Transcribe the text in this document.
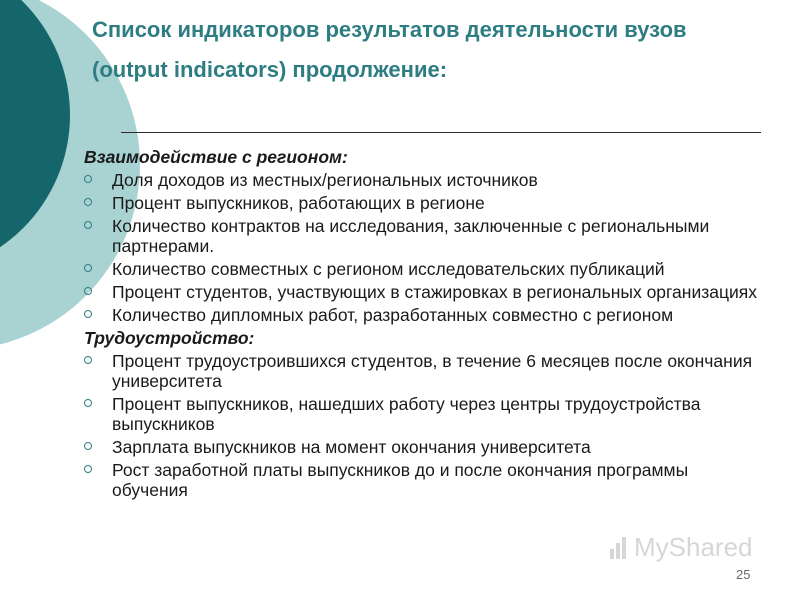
Список индикаторов результатов деятельности вузов
(output indicators) продолжение:
Взаимодействие с регионом:
Доля доходов из местных/региональных источников
Процент выпускников, работающих в регионе
Количество контрактов на исследования, заключенные с региональными партнерами.
Количество совместных с регионом исследовательских публикаций
Процент студентов, участвующих в стажировках в региональных организациях
Количество дипломных работ, разработанных совместно с регионом
Трудоустройство:
Процент трудоустроившихся студентов, в течение 6 месяцев после окончания университета
Процент выпускников, нашедших работу через центры трудоустройства выпускников
Зарплата выпускников на момент окончания университета
Рост заработной платы выпускников до и после окончания программы обучения
MyShared
25
